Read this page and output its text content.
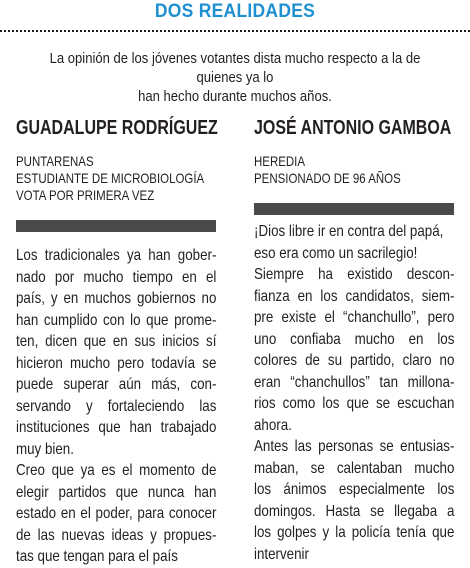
DOS REALIDADES
La opinión de los jóvenes votantes dista mucho respecto a la de quienes ya lo
han hecho durante muchos años.
GUADALUPE RODRÍGUEZ
PUNTARENAS
ESTUDIANTE DE MICROBIOLOGÍA
VOTA POR PRIMERA VEZ

Los tradicionales ya han gober-
nado por mucho tiempo en el
país, y en muchos gobiernos no
han cumplido con lo que prome-
ten, dicen que en sus inicios sí
hicieron mucho pero todavía se
puede superar aún más, con-
servando y fortaleciendo las
instituciones que han trabajado
muy bien.

Creo que ya es el momento de
elegir partidos que nunca han
estado en el poder, para conocer
de las nuevas ideas y propues-
tas que tengan para el país

JOSÉ ANTONIO GAMBOA
HEREDIA
PENSIONADO DE 96 AÑOS

¡Dios libre ir en contra del papá,
eso era como un sacrilegio!

Siempre ha existido descon-
fianza en los candidatos, siem-
pre existe el “chanchullo”, pero
uno confiaba mucho en los
colores de su partido, claro no
eran “chanchullos” tan millona-
rios como los que se escuchan
ahora.

Antes las personas se entusias-
maban, se calentaban mucho
los ánimos especialmente los
domingos. Hasta se llegaba a
los golpes y la policía tenía que
intervenir
